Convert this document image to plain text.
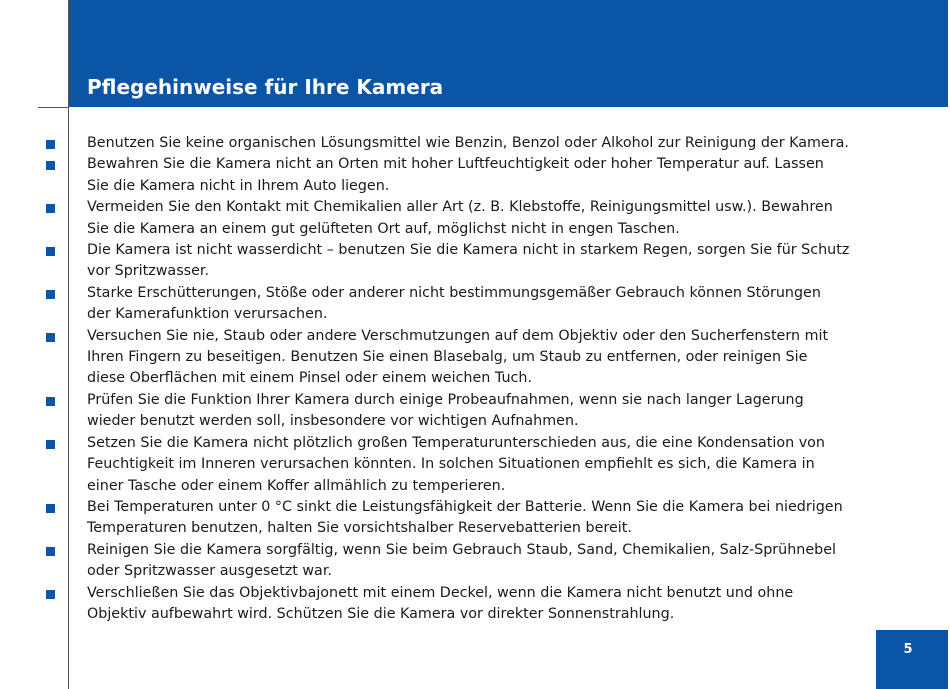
Pflegehinweise für Ihre Kamera
Benutzen Sie keine organischen Lösungsmittel wie Benzin, Benzol oder Alkohol zur Reinigung der Kamera.
Bewahren Sie die Kamera nicht an Orten mit hoher Luftfeuchtigkeit oder hoher Temperatur auf. Lassen
Sie die Kamera nicht in Ihrem Auto liegen.
Vermeiden Sie den Kontakt mit Chemikalien aller Art (z. B. Klebstoffe, Reinigungsmittel usw.). Bewahren
Sie die Kamera an einem gut gelüfteten Ort auf, möglichst nicht in engen Taschen.
Die Kamera ist nicht wasserdicht – benutzen Sie die Kamera nicht in starkem Regen, sorgen Sie für Schutz
vor Spritzwasser.
Starke Erschütterungen, Stöße oder anderer nicht bestimmungsgemäßer Gebrauch können Störungen
der Kamerafunktion verursachen.
Versuchen Sie nie, Staub oder andere Verschmutzungen auf dem Objektiv oder den Sucherfenstern mit
Ihren Fingern zu beseitigen. Benutzen Sie einen Blasebalg, um Staub zu entfernen, oder reinigen Sie
diese Oberflächen mit einem Pinsel oder einem weichen Tuch.
Prüfen Sie die Funktion Ihrer Kamera durch einige Probeaufnahmen, wenn sie nach langer Lagerung
wieder benutzt werden soll, insbesondere vor wichtigen Aufnahmen.
Setzen Sie die Kamera nicht plötzlich großen Temperaturunterschieden aus, die eine Kondensation von
Feuchtigkeit im Inneren verursachen könnten. In solchen Situationen empfiehlt es sich, die Kamera in
einer Tasche oder einem Koffer allmählich zu temperieren.
Bei Temperaturen unter 0 °C sinkt die Leistungsfähigkeit der Batterie. Wenn Sie die Kamera bei niedrigen
Temperaturen benutzen, halten Sie vorsichtshalber Reservebatterien bereit.
Reinigen Sie die Kamera sorgfältig, wenn Sie beim Gebrauch Staub, Sand, Chemikalien, Salz-Sprühnebel
oder Spritzwasser ausgesetzt war.
Verschließen Sie das Objektivbajonett mit einem Deckel, wenn die Kamera nicht benutzt und ohne
Objektiv aufbewahrt wird. Schützen Sie die Kamera vor direkter Sonnenstrahlung.
5
